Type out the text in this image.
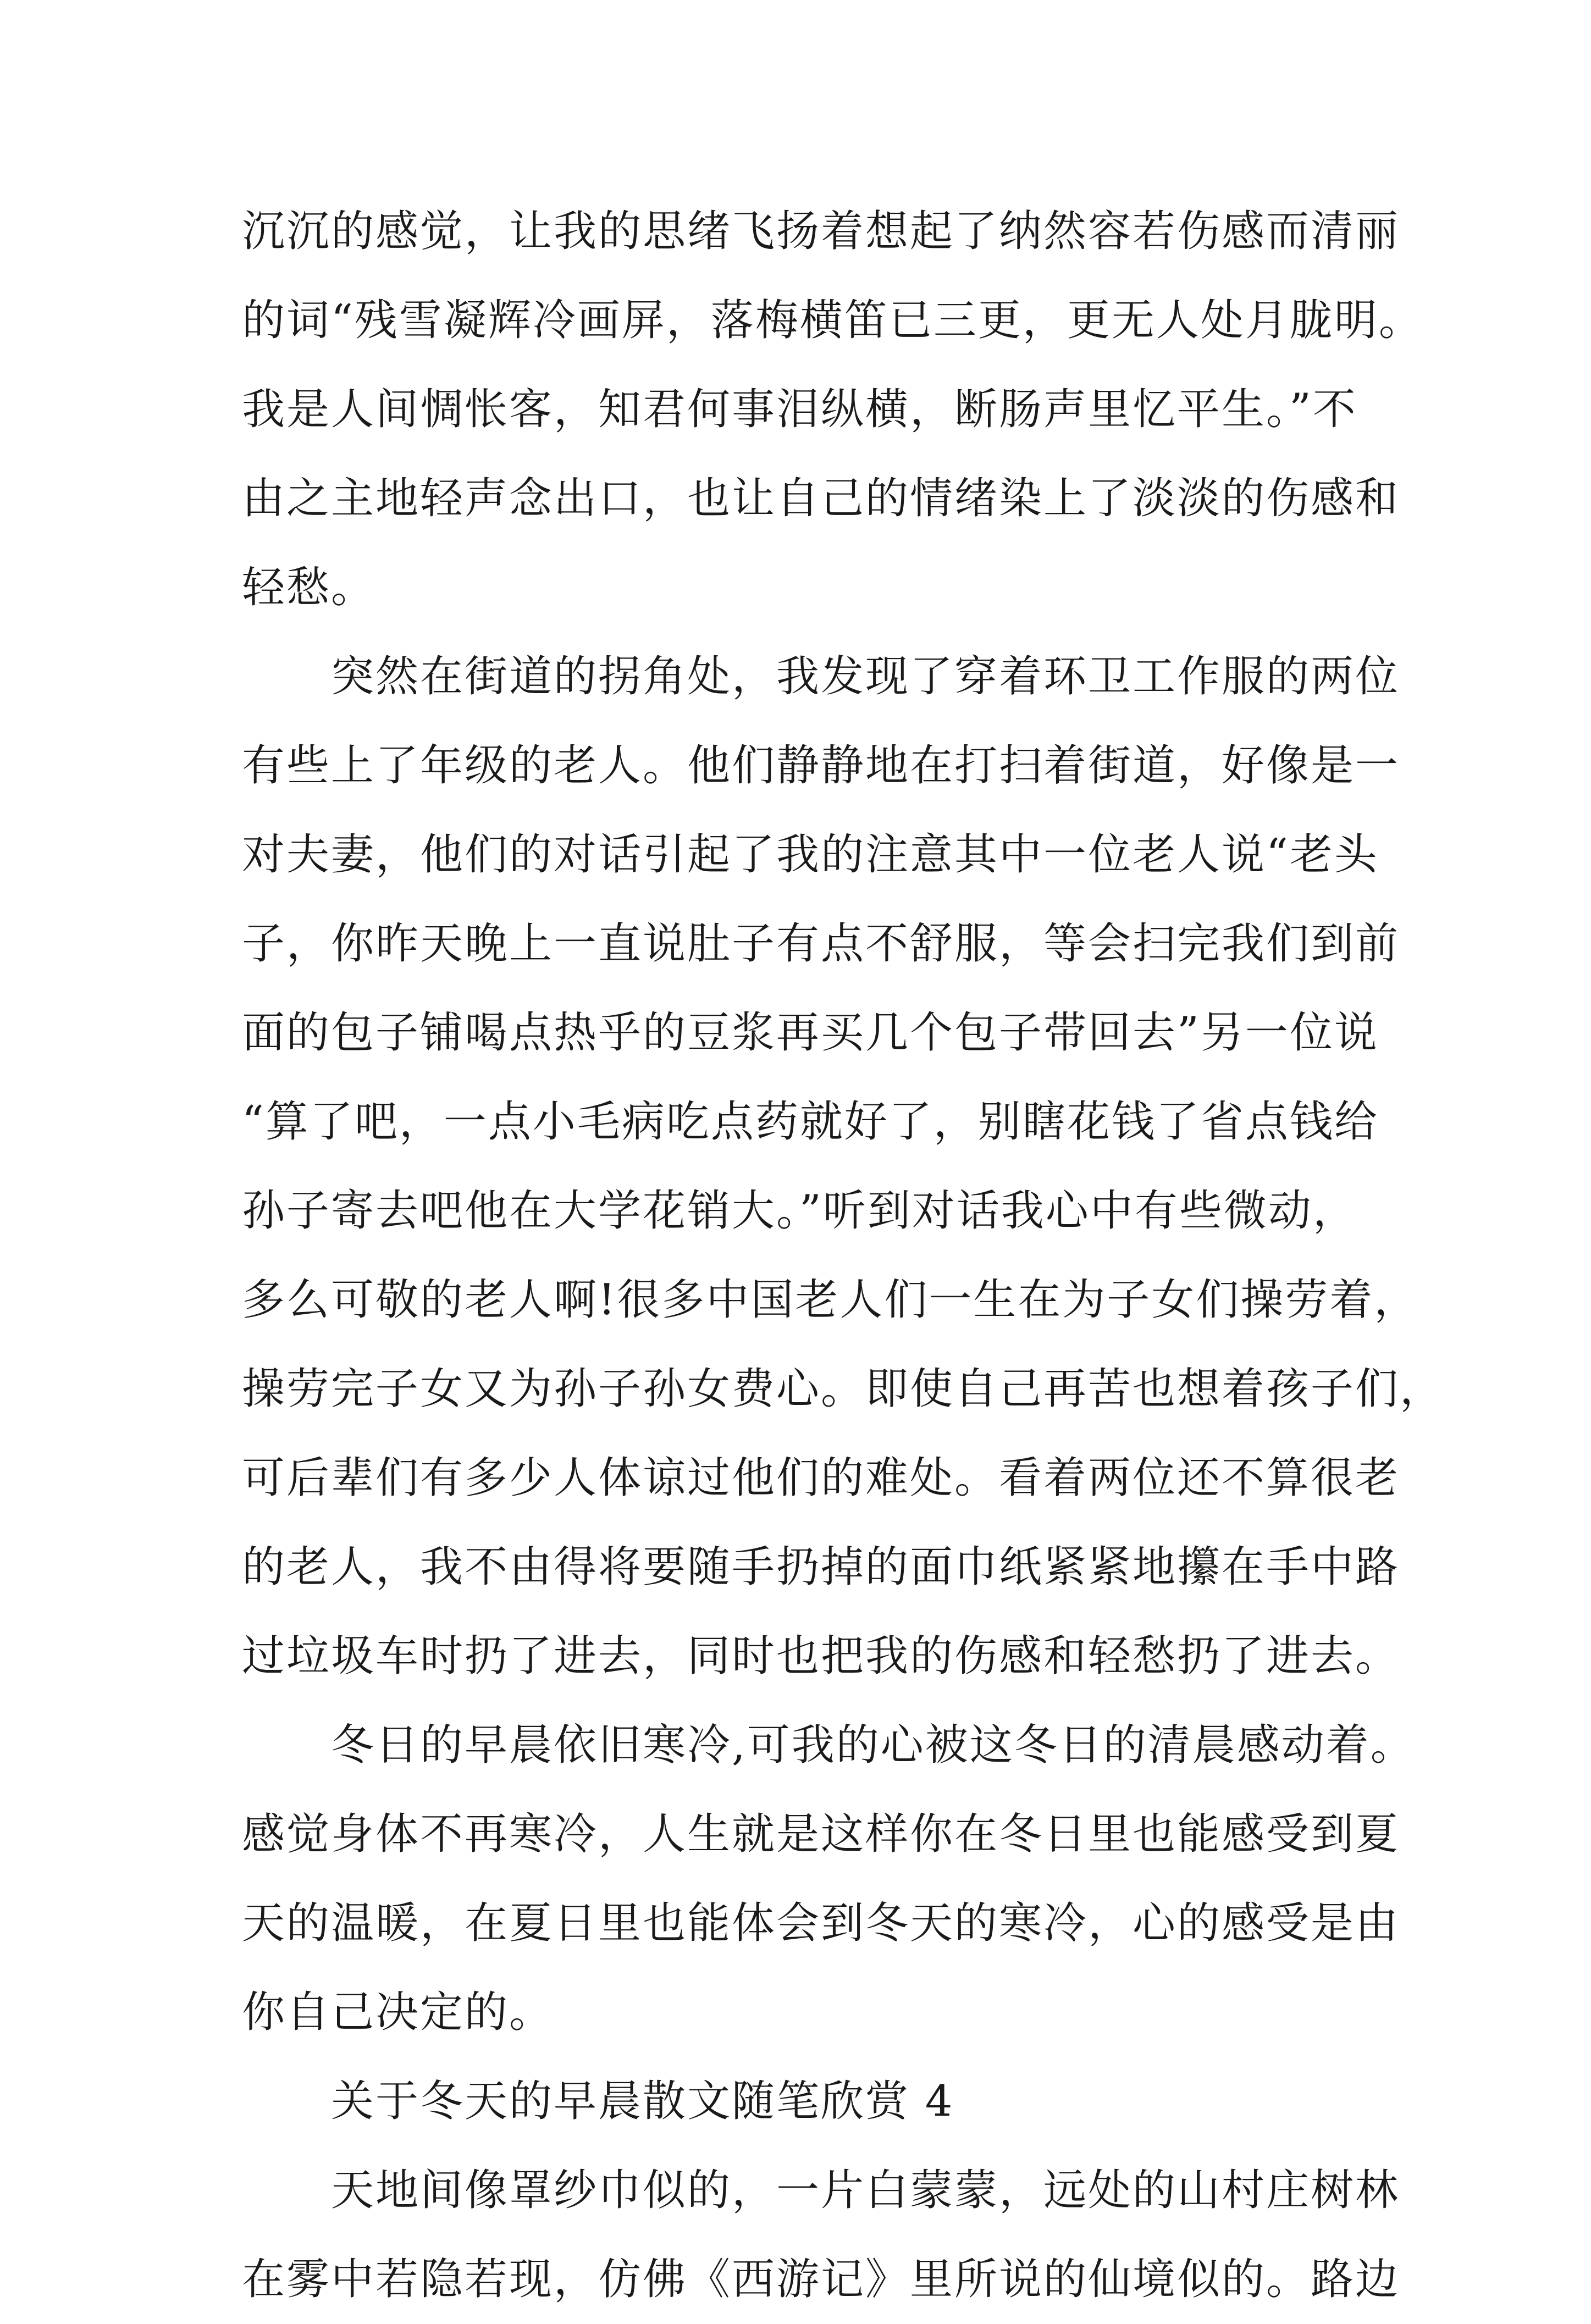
沉沉的感觉，让我的思绪飞扬着想起了纳然容若伤感而清丽
的词“残雪凝辉冷画屏，落梅横笛已三更，更无人处月胧明。
我是人间惆怅客，知君何事泪纵横，断肠声里忆平生。”不
由之主地轻声念出口，也让自己的情绪染上了淡淡的伤感和
轻愁。
　　突然在街道的拐角处，我发现了穿着环卫工作服的两位
有些上了年级的老人。他们静静地在打扫着街道，好像是一
对夫妻，他们的对话引起了我的注意其中一位老人说“老头
子，你昨天晚上一直说肚子有点不舒服，等会扫完我们到前
面的包子铺喝点热乎的豆浆再买几个包子带回去”另一位说
“算了吧，一点小毛病吃点药就好了，别瞎花钱了省点钱给
孙子寄去吧他在大学花销大。”听到对话我心中有些微动，
多么可敬的老人啊!很多中国老人们一生在为子女们操劳着，
操劳完子女又为孙子孙女费心。即使自己再苦也想着孩子们，
可后辈们有多少人体谅过他们的难处。看着两位还不算很老
的老人，我不由得将要随手扔掉的面巾纸紧紧地攥在手中路
过垃圾车时扔了进去，同时也把我的伤感和轻愁扔了进去。
　　冬日的早晨依旧寒冷,可我的心被这冬日的清晨感动着。
感觉身体不再寒冷，人生就是这样你在冬日里也能感受到夏
天的温暖，在夏日里也能体会到冬天的寒冷，心的感受是由
你自己决定的。
　　关于冬天的早晨散文随笔欣赏 4
　　天地间像罩纱巾似的，一片白蒙蒙，远处的山村庄树林
在雾中若隐若现，仿佛《西游记》里所说的仙境似的。路边
